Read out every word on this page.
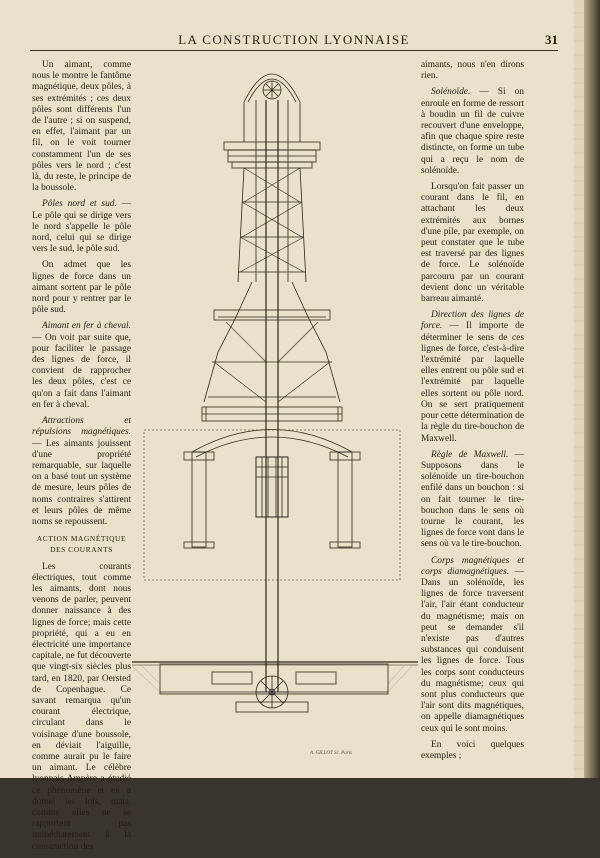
LA CONSTRUCTION LYONNAISE	31

Un aimant, comme nous le montre le fantôme magnétique, deux pôles, à ses extrémités ; ces deux pôles sont différents l'un de l'autre ; si on suspend, en effet, l'aimant par un fil, on le voit tourner constamment l'un de ses pôles vers le nord ; c'est là, du reste, le principe de la boussole.

Pôles nord et sud. — Le pôle qui se dirige vers le nord s'appelle le pôle nord, celui qui se dirige vers le sud, le pôle sud.

On admet que les lignes de force dans un aimant sortent par le pôle nord pour y rentrer par le pôle sud.

Aimant en fer à cheval. — On voit par suite que, pour faciliter le passage des lignes de force, il convient de rapprocher les deux pôles, c'est ce qu'on a fait dans l'aimant en fer à cheval.

Attractions et répulsions magnétiques. — Les aimants jouissent d'une propriété remarquable, sur laquelle on a basé tout un système de mesure, leurs pôles de noms contraires s'attirent et leurs pôles de même noms se repoussent.

ACTION MAGNÉTIQUE DES COURANTS

Les courants électriques, tout comme les aimants, dont nous venons de parler, peuvent donner naissance à des lignes de force; mais cette propriété, qui a eu en électricité une importance capitale, ne fut découverte que vingt-six siècles plus tard, en 1820, par Oersted de Copenhague. Ce savant remarqua qu'un courant électrique, circulant dans le voisinage d'une boussole, en déviait l'aiguille, comme aurait pu le faire un aimant. Le célèbre lyonnais Ampère a étudié ce phénomène et en a donné les lois; mais, comme elles ne se rapportent pas immédiatement à la construction des

A. GILLOT Sc. Paris

aimants, nous n'en dirons rien.

Solénoïde. — Si on enroule en forme de ressort à boudin un fil de cuivre recouvert d'une enveloppe, afin que chaque spire reste distincte, on forme un tube qui a reçu le nom de solénoïde.

Lorsqu'on fait passer un courant dans le fil, en attachant les deux extrémités aux bornes d'une pile, par exemple, on peut constater que le tube est traversé par des lignes de force. Le solénoïde parcouru par un courant devient donc un véritable barreau aimanté.

Direction des lignes de force. — Il importe de déterminer le sens de ces lignes de force, c'est-à-dire l'extrémité par laquelle elles entrent ou pôle sud et l'extrémité par laquelle elles sortent ou pôle nord. On se sert pratiquement pour cette détermination de la règle du tire-bouchon de Maxwell.

Règle de Maxwell. — Supposons dans le solénoïde un tire-bouchon enfilé dans un bouchon : si on fait tourner le tire-bouchon dans le sens où tourne le courant, les lignes de force vont dans le sens où va le tire-bouchon.

Corps magnétiques et corps diamagnétiques. — Dans un solénoïde, les lignes de force traversent l'air, l'air étant conducteur du magnétisme; mais on peut se demander s'il n'existe pas d'autres substances qui conduisent les lignes de force. Tous les corps sont conducteurs du magnétisme; ceux qui sont plus conducteurs que l'air sont dits magnétiques, on appelle diamagnétiques ceux qui le sont moins.

En voici quelques exemples ;
